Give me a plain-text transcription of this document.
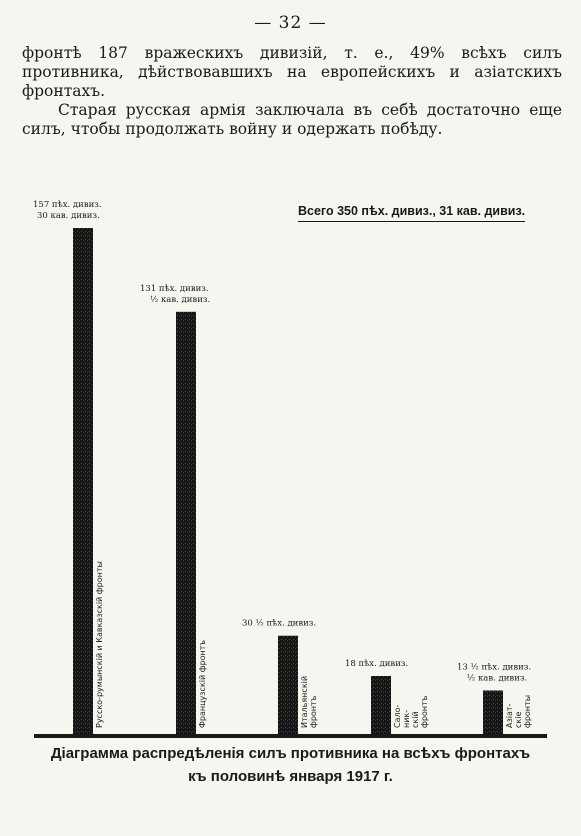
— 32 —

фронтѣ 187 вражескихъ дивизій, т. е., 49% всѣхъ силъ противника, дѣйствовавшихъ на европейскихъ и азіатскихъ фронтахъ.

Старая русская армія заключала въ себѣ достаточно еще силъ, чтобы продолжать войну и одержать побѣду.

157 пѣх. дивиз.
30 кав. дивиз.
Русско-румынскій и Кавказскій фронты
131 пѣх. дивиз.
½ кав. дивиз.
Французскій фронтъ
30 ½ пѣх. дивиз.
Итальянскій фронтъ
18 пѣх. дивиз.
Сало- ник- скій фронтъ
13 ½ пѣх. дивиз.
½ кав. дивиз.
Азіат- скіе фронты
Всего 350 пѣх. дивиз., 31 кав. дивиз.
Діаграмма распредѣленія силъ противника на всѣхъ фронтахъ
къ половинѣ января 1917 г.
